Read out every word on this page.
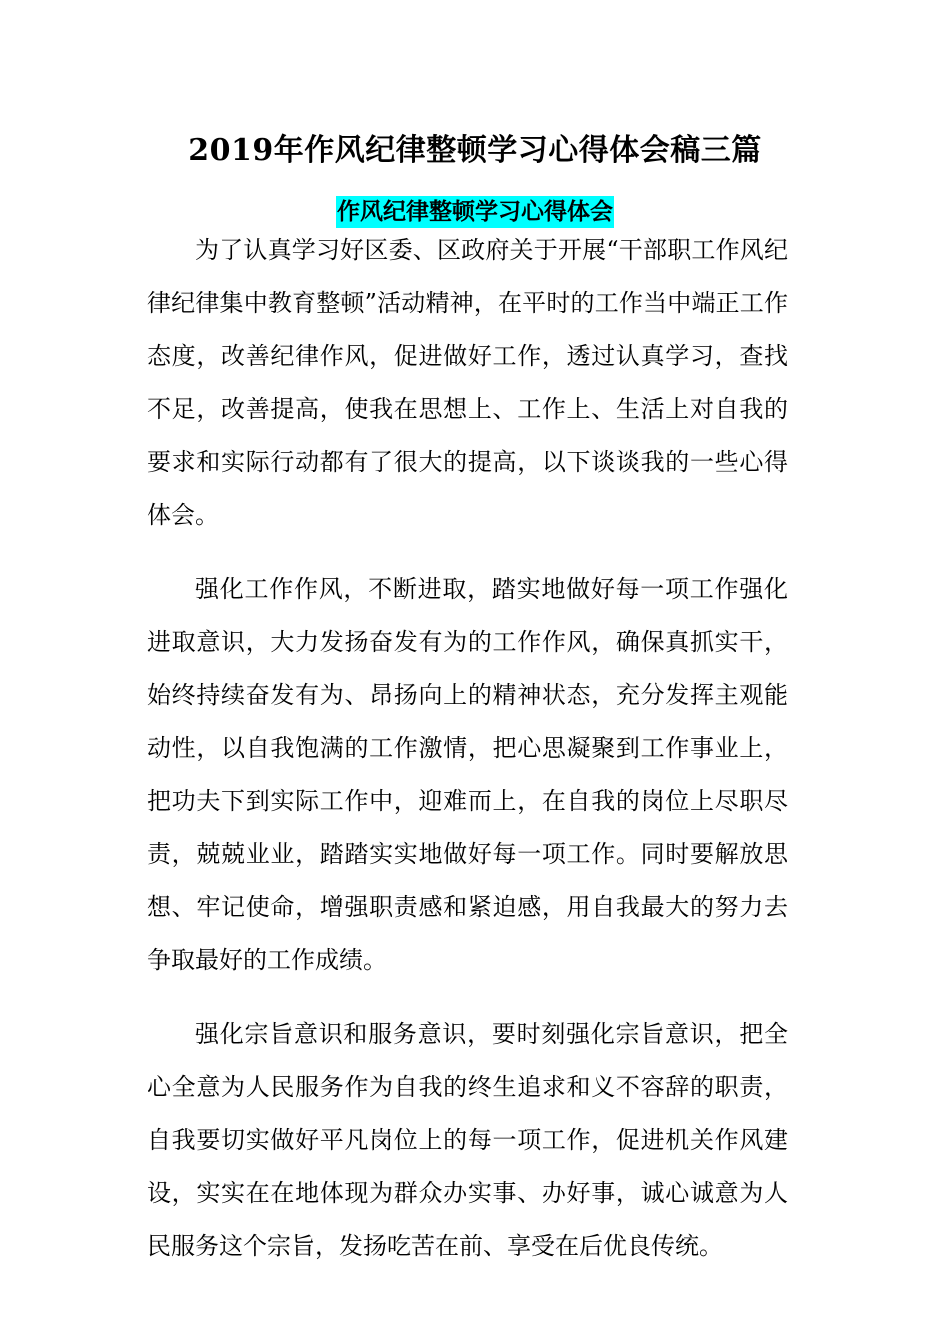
2019年作风纪律整顿学习心得体会稿三篇
作风纪律整顿学习心得体会

为了认真学习好区委、区政府关于开展“干部职工作风纪律纪律集中教育整顿”活动精神，在平时的工作当中端正工作态度，改善纪律作风，促进做好工作，透过认真学习，查找不足，改善提高，使我在思想上、工作上、生活上对自我的要求和实际行动都有了很大的提高，以下谈谈我的一些心得体会。

强化工作作风，不断进取，踏实地做好每一项工作强化进取意识，大力发扬奋发有为的工作作风，确保真抓实干，始终持续奋发有为、昂扬向上的精神状态，充分发挥主观能动性，以自我饱满的工作激情，把心思凝聚到工作事业上，把功夫下到实际工作中，迎难而上，在自我的岗位上尽职尽责，兢兢业业，踏踏实实地做好每一项工作。同时要解放思想、牢记使命，增强职责感和紧迫感，用自我最大的努力去争取最好的工作成绩。

强化宗旨意识和服务意识，要时刻强化宗旨意识，把全心全意为人民服务作为自我的终生追求和义不容辞的职责，自我要切实做好平凡岗位上的每一项工作，促进机关作风建设，实实在在地体现为群众办实事、办好事，诚心诚意为人民服务这个宗旨，发扬吃苦在前、享受在后优良传统。
